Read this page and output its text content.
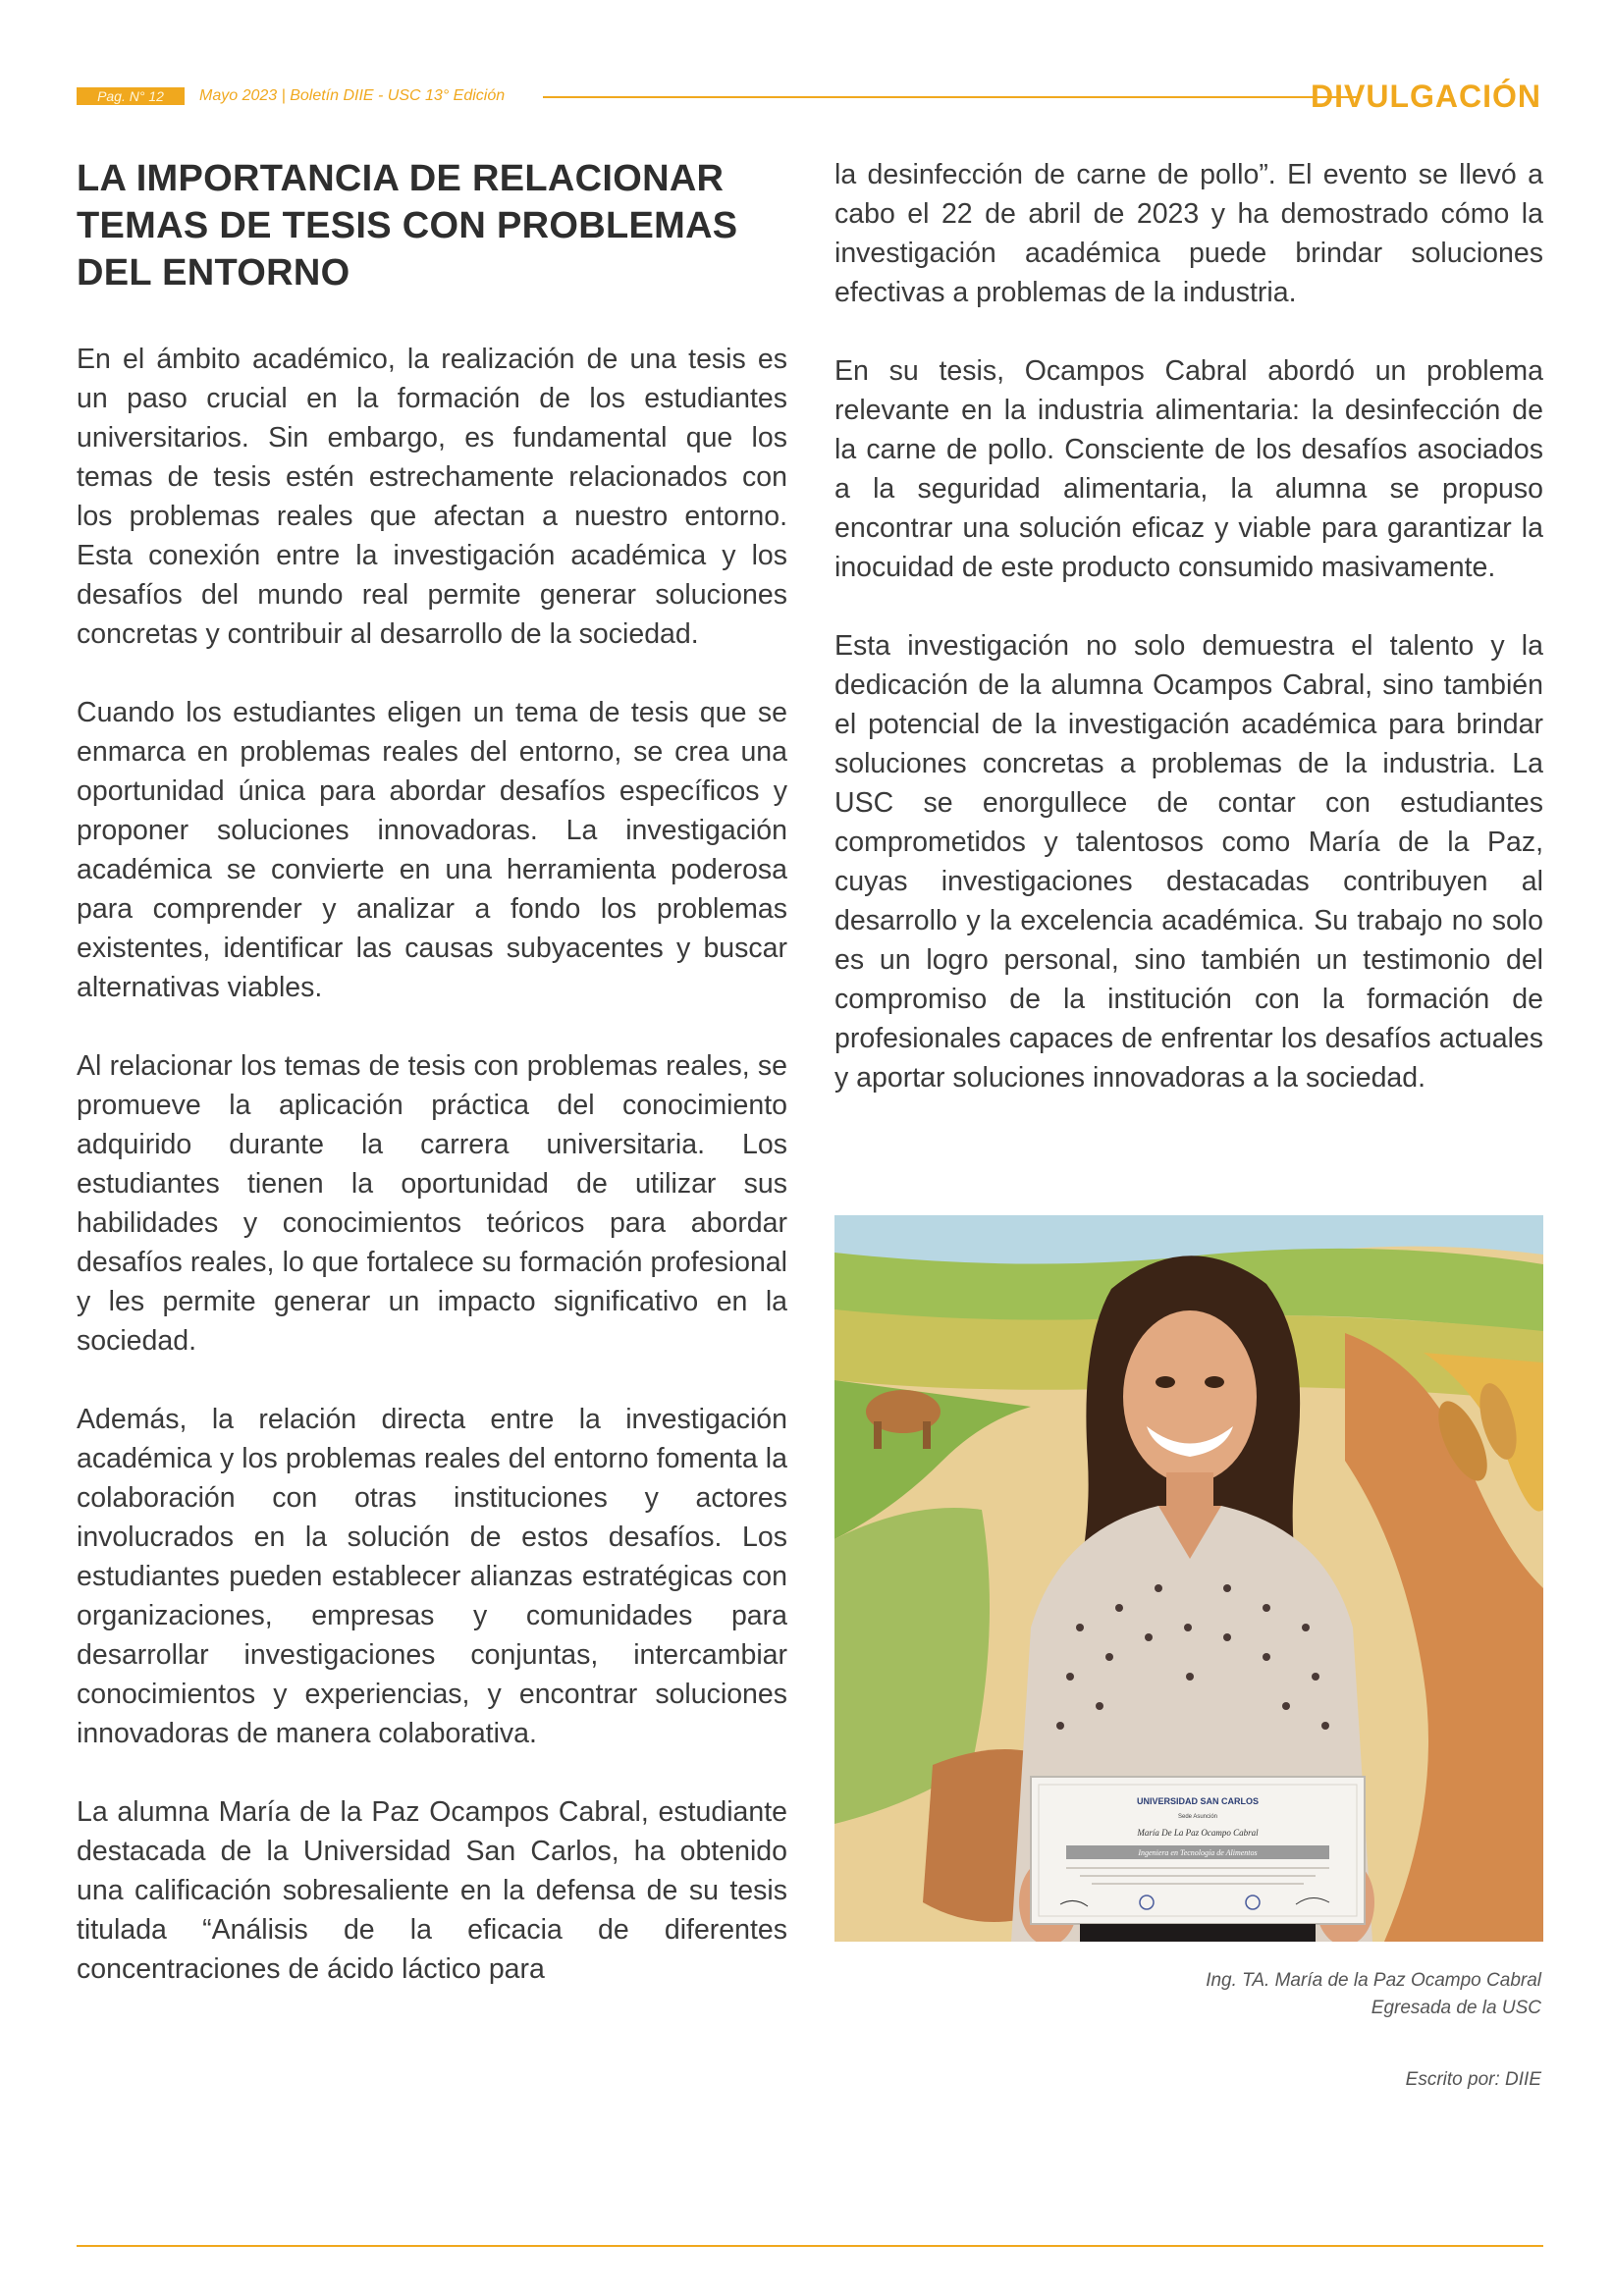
Pag. N° 12	Mayo 2023 | Boletín DIIE - USC 13° Edición	DIVULGACIÓN
LA IMPORTANCIA DE RELACIONAR
TEMAS DE TESIS CON PROBLEMAS
DEL ENTORNO

En el ámbito académico, la realización de una tesis es un paso crucial en la formación de los estudiantes universitarios. Sin embargo, es fundamental que los temas de tesis estén estrechamente relacionados con los problemas reales que afectan a nuestro entorno. Esta conexión entre la investigación académica y los desafíos del mundo real permite generar soluciones concretas y contribuir al desarrollo de la sociedad.

Cuando los estudiantes eligen un tema de tesis que se enmarca en problemas reales del entorno, se crea una oportunidad única para abordar desafíos específicos y proponer soluciones innovadoras. La investigación académica se convierte en una herramienta poderosa para comprender y analizar a fondo los problemas existentes, identificar las causas subyacentes y buscar alternativas viables.

Al relacionar los temas de tesis con problemas reales, se promueve la aplicación práctica del conocimiento adquirido durante la carrera universitaria. Los estudiantes tienen la oportunidad de utilizar sus habilidades y conocimientos teóricos para abordar desafíos reales, lo que fortalece su formación profesional y les permite generar un impacto significativo en la sociedad.

Además, la relación directa entre la investigación académica y los problemas reales del entorno fomenta la colaboración con otras instituciones y actores involucrados en la solución de estos desafíos. Los estudiantes pueden establecer alianzas estratégicas con organizaciones, empresas y comunidades para desarrollar investigaciones conjuntas, intercambiar conocimientos y experiencias, y encontrar soluciones innovadoras de manera colaborativa.

La alumna María de la Paz Ocampos Cabral, estudiante destacada de la Universidad San Carlos, ha obtenido una calificación sobresaliente en la defensa de su tesis titulada “Análisis de la eficacia de diferentes concentraciones de ácido láctico para

la desinfección de carne de pollo”. El evento se llevó a cabo el 22 de abril de 2023 y ha demostrado cómo la investigación académica puede brindar soluciones efectivas a problemas de la industria.

En su tesis, Ocampos Cabral abordó un problema relevante en la industria alimentaria: la desinfección de la carne de pollo. Consciente de los desafíos asociados a la seguridad alimentaria, la alumna se propuso encontrar una solución eficaz y viable para garantizar la inocuidad de este producto consumido masivamente.

Esta investigación no solo demuestra el talento y la dedicación de la alumna Ocampos Cabral, sino también el potencial de la investigación académica para brindar soluciones concretas a problemas de la industria. La USC se enorgullece de contar con estudiantes comprometidos y talentosos como María de la Paz, cuyas investigaciones destacadas contribuyen al desarrollo y la excelencia académica. Su trabajo no solo es un logro personal, sino también un testimonio del compromiso de la institución con la formación de profesionales capaces de enfrentar los desafíos actuales y aportar soluciones innovadoras a la sociedad.

UNIVERSIDAD SAN CARLOS
Sede Asunción
María De La Paz Ocampo Cabral
Ingeniera en Tecnología de Alimentos
Ing. TA. María de la Paz Ocampo Cabral
Egresada de la USC
Escrito por: DIIE
